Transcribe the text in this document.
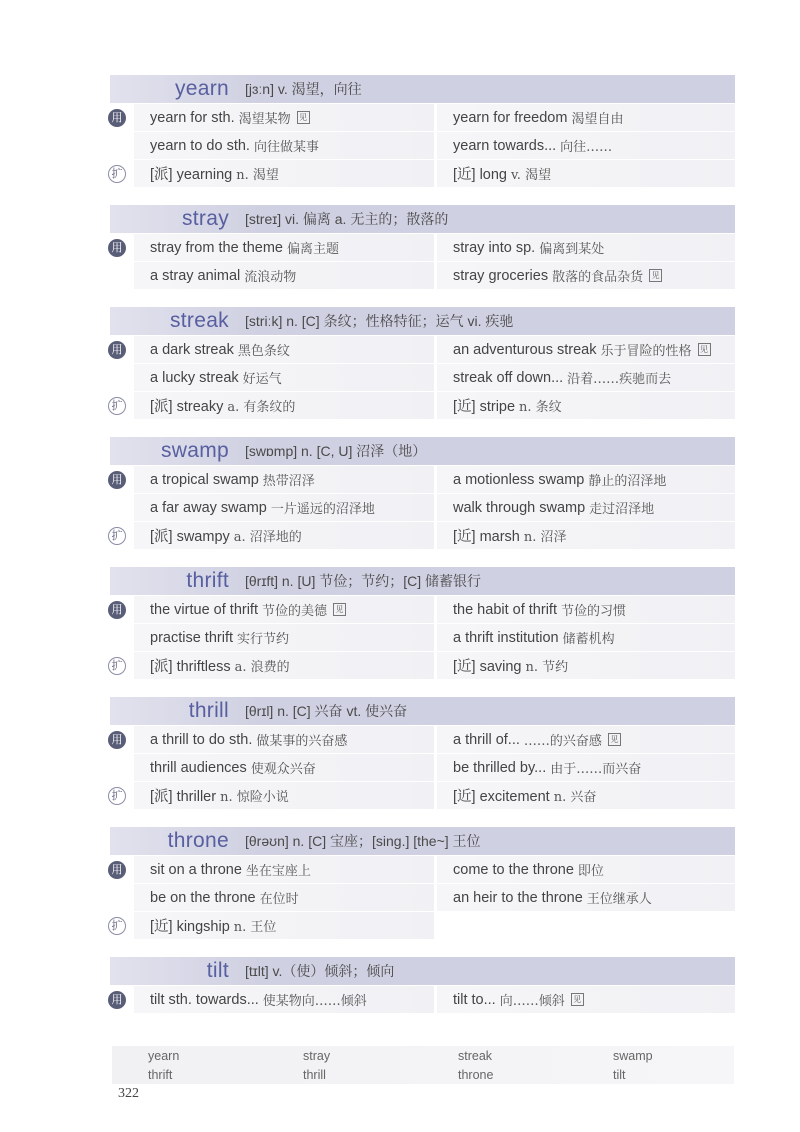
yearn	[jɜːn] v. 渴望，向往
用 yearn for sth. 渴望某物	见	yearn for freedom 渴望自由
yearn to do sth. 向往做某事	yearn towards... 向往……
扩 [派] yearning n. 渴望	[近] long v. 渴望
stray	[streɪ] vi. 偏离 a. 无主的；散落的
用 stray from the theme 偏离主题	stray into sp. 偏离到某处
a stray animal 流浪动物	stray groceries 散落的食品杂货	见
streak	[striːk] n. [C] 条纹；性格特征；运气 vi. 疾驰
用 a dark streak 黑色条纹	an adventurous streak 乐于冒险的性格	见
a lucky streak 好运气	streak off down... 沿着……疾驰而去
扩 [派] streaky a. 有条纹的	[近] stripe n. 条纹
swamp	[swɒmp] n. [C, U] 沼泽（地）
用 a tropical swamp 热带沼泽	a motionless swamp 静止的沼泽地
a far away swamp 一片遥远的沼泽地	walk through swamp 走过沼泽地
扩 [派] swampy a. 沼泽地的	[近] marsh n. 沼泽
thrift	[θrɪft] n. [U] 节俭；节约；[C] 储蓄银行
用 the virtue of thrift 节俭的美德	见	the habit of thrift 节俭的习惯
practise thrift 实行节约	a thrift institution 储蓄机构
扩 [派] thriftless a. 浪费的	[近] saving n. 节约
thrill	[θrɪl] n. [C] 兴奋 vt. 使兴奋
用 a thrill to do sth. 做某事的兴奋感	a thrill of... ……的兴奋感	见
thrill audiences 使观众兴奋	be thrilled by... 由于……而兴奋
扩 [派] thriller n. 惊险小说	[近] excitement n. 兴奋
throne	[θrəʊn] n. [C] 宝座；[sing.] [the~] 王位
用 sit on a throne 坐在宝座上	come to the throne 即位
be on the throne 在位时	an heir to the throne 王位继承人
扩 [近] kingship n. 王位
tilt	[tɪlt] v.（使）倾斜；倾向
用 tilt sth. towards... 使某物向……倾斜	tilt to... 向……倾斜	见
yearn	stray	streak	swamp
thrift	thrill	throne	tilt
322
